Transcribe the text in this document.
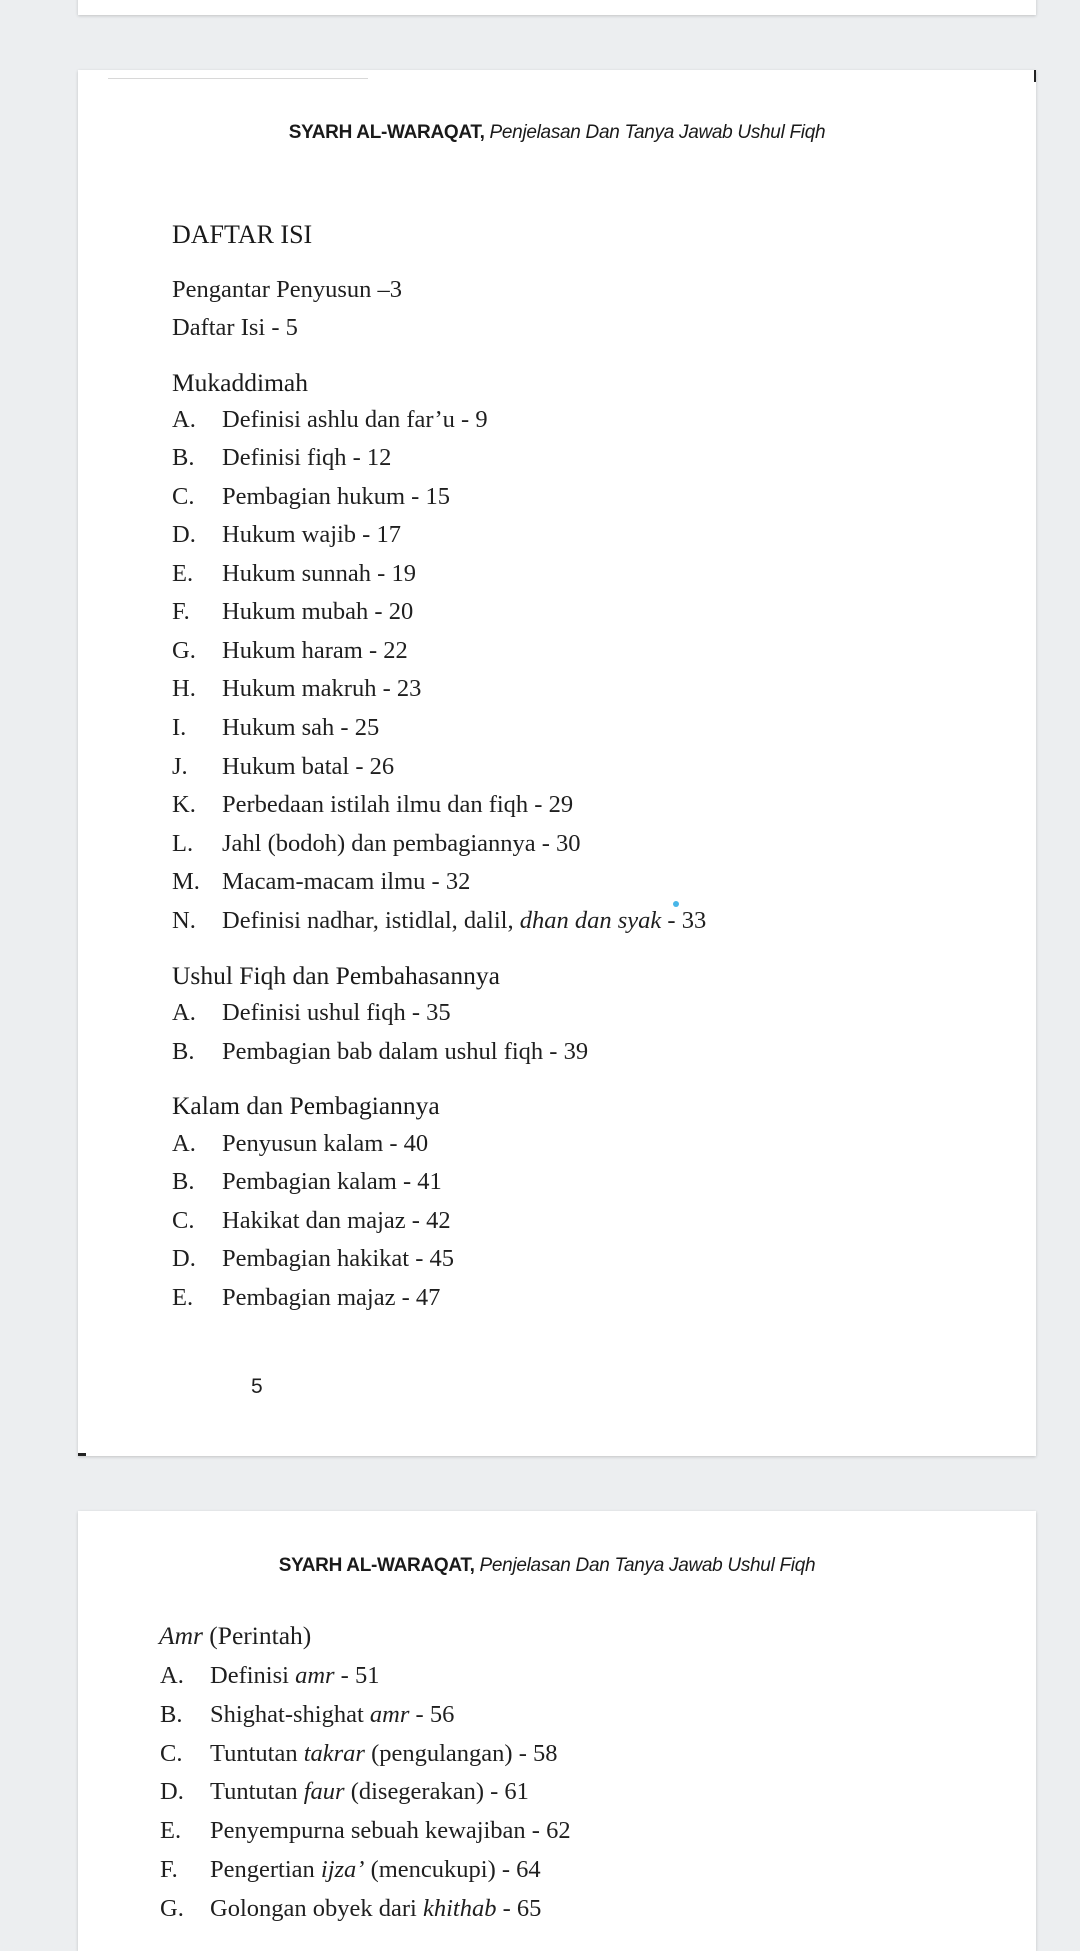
SYARH AL-WARAQAT, Penjelasan Dan Tanya Jawab Ushul Fiqh
DAFTAR ISI
Pengantar Penyusun –3
Daftar Isi - 5
Mukaddimah
A. Definisi ashlu dan far’u - 9
B. Definisi fiqh - 12
C. Pembagian hukum - 15
D. Hukum wajib - 17
E. Hukum sunnah - 19
F. Hukum mubah - 20
G. Hukum haram - 22
H. Hukum makruh - 23
I. Hukum sah - 25
J. Hukum batal - 26
K. Perbedaan istilah ilmu dan fiqh - 29
L. Jahl (bodoh) dan pembagiannya - 30
M. Macam-macam ilmu - 32
N. Definisi nadhar, istidlal, dalil, dhan dan syak - 33
Ushul Fiqh dan Pembahasannya
A. Definisi ushul fiqh - 35
B. Pembagian bab dalam ushul fiqh - 39
Kalam dan Pembagiannya
A. Penyusun kalam - 40
B. Pembagian kalam - 41
C. Hakikat dan majaz - 42
D. Pembagian hakikat - 45
E. Pembagian majaz - 47
5
SYARH AL-WARAQAT, Penjelasan Dan Tanya Jawab Ushul Fiqh
Amr (Perintah)
A. Definisi amr - 51
B. Shighat-shighat amr - 56
C. Tuntutan takrar (pengulangan) - 58
D. Tuntutan faur (disegerakan) - 61
E. Penyempurna sebuah kewajiban - 62
F. Pengertian ijza’ (mencukupi) - 64
G. Golongan obyek dari khithab - 65
